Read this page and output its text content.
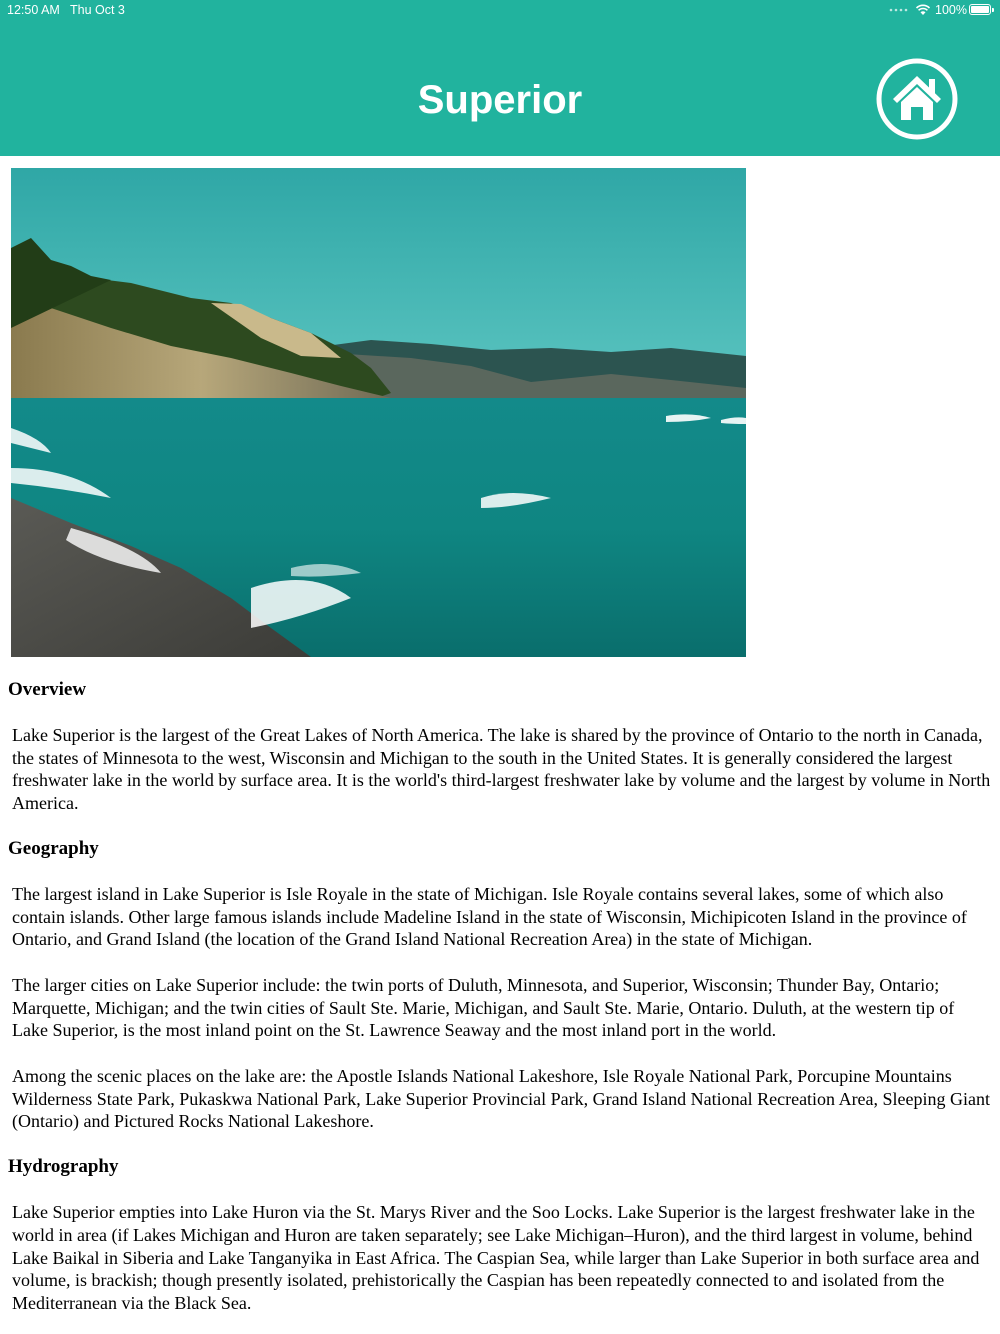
12:50 AM Thu Oct 3	100%
Superior
Overview

Lake Superior is the largest of the Great Lakes of North America. The lake is shared by the province of Ontario to the north in Canada, the states of Minnesota to the west, Wisconsin and Michigan to the south in the United States. It is generally considered the largest freshwater lake in the world by surface area. It is the world's third-largest freshwater lake by volume and the largest by volume in North America.

Geography

The largest island in Lake Superior is Isle Royale in the state of Michigan. Isle Royale contains several lakes, some of which also contain islands. Other large famous islands include Madeline Island in the state of Wisconsin, Michipicoten Island in the province of Ontario, and Grand Island (the location of the Grand Island National Recreation Area) in the state of Michigan.

The larger cities on Lake Superior include: the twin ports of Duluth, Minnesota, and Superior, Wisconsin; Thunder Bay, Ontario; Marquette, Michigan; and the twin cities of Sault Ste. Marie, Michigan, and Sault Ste. Marie, Ontario. Duluth, at the western tip of Lake Superior, is the most inland point on the St. Lawrence Seaway and the most inland port in the world.

Among the scenic places on the lake are: the Apostle Islands National Lakeshore, Isle Royale National Park, Porcupine Mountains Wilderness State Park, Pukaskwa National Park, Lake Superior Provincial Park, Grand Island National Recreation Area, Sleeping Giant (Ontario) and Pictured Rocks National Lakeshore.

Hydrography

Lake Superior empties into Lake Huron via the St. Marys River and the Soo Locks. Lake Superior is the largest freshwater lake in the world in area (if Lakes Michigan and Huron are taken separately; see Lake Michigan–Huron), and the third largest in volume, behind Lake Baikal in Siberia and Lake Tanganyika in East Africa. The Caspian Sea, while larger than Lake Superior in both surface area and volume, is brackish; though presently isolated, prehistorically the Caspian has been repeatedly connected to and isolated from the Mediterranean via the Black Sea.
